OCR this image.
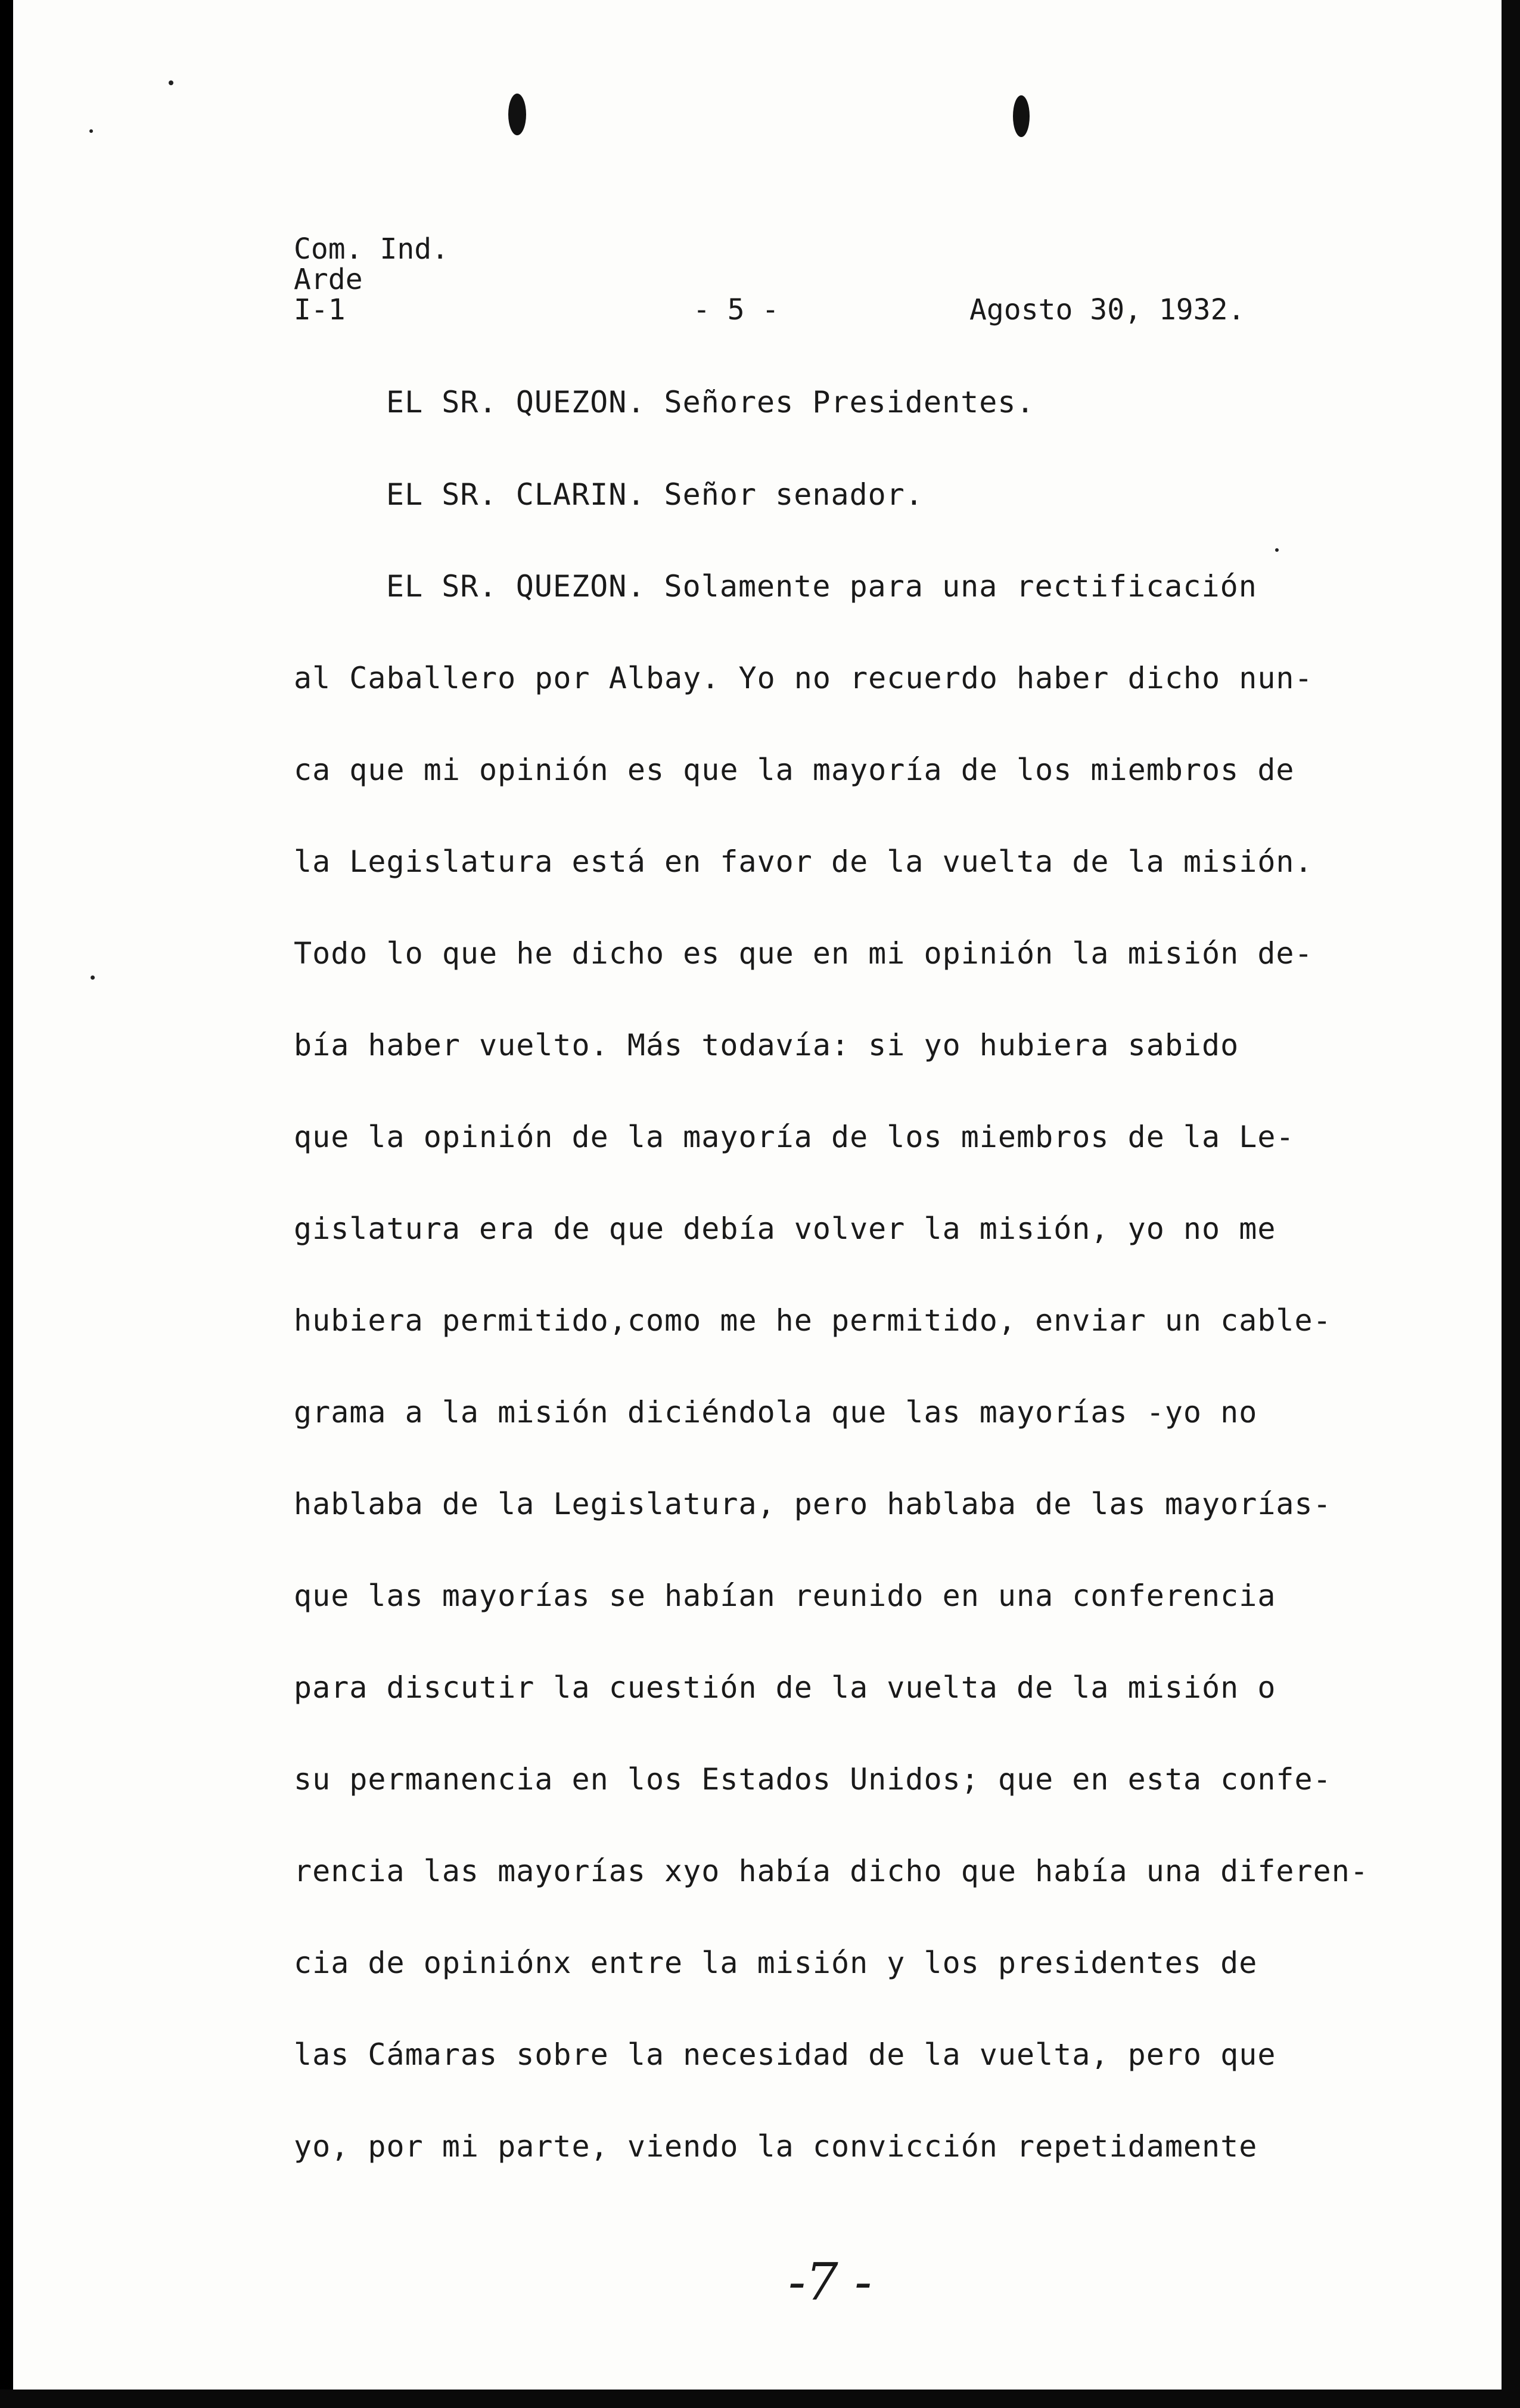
Com. Ind.
Arde
I-1	- 5 -	Agosto 30, 1932.
EL SR. QUEZON. Señores Presidentes.
EL SR. CLARIN. Señor senador.
EL SR. QUEZON. Solamente para una rectificación
al Caballero por Albay. Yo no recuerdo haber dicho nun-
ca que mi opinión es que la mayoría de los miembros de
la Legislatura está en favor de la vuelta de la misión.
Todo lo que he dicho es que en mi opinión la misión de-
bía haber vuelto. Más todavía: si yo hubiera sabido
que la opinión de la mayoría de los miembros de la Le-
gislatura era de que debía volver la misión, yo no me
hubiera permitido,como me he permitido, enviar un cable-
grama a la misión diciéndola que las mayorías -yo no
hablaba de la Legislatura, pero hablaba de las mayorías-
que las mayorías se habían reunido en una conferencia
para discutir la cuestión de la vuelta de la misión o
su permanencia en los Estados Unidos; que en esta confe-
rencia las mayorías xyo había dicho que había una diferen-
cia de opiniónx entre la misión y los presidentes de
las Cámaras sobre la necesidad de la vuelta, pero que
yo, por mi parte, viendo la convicción repetidamente
-7 -
